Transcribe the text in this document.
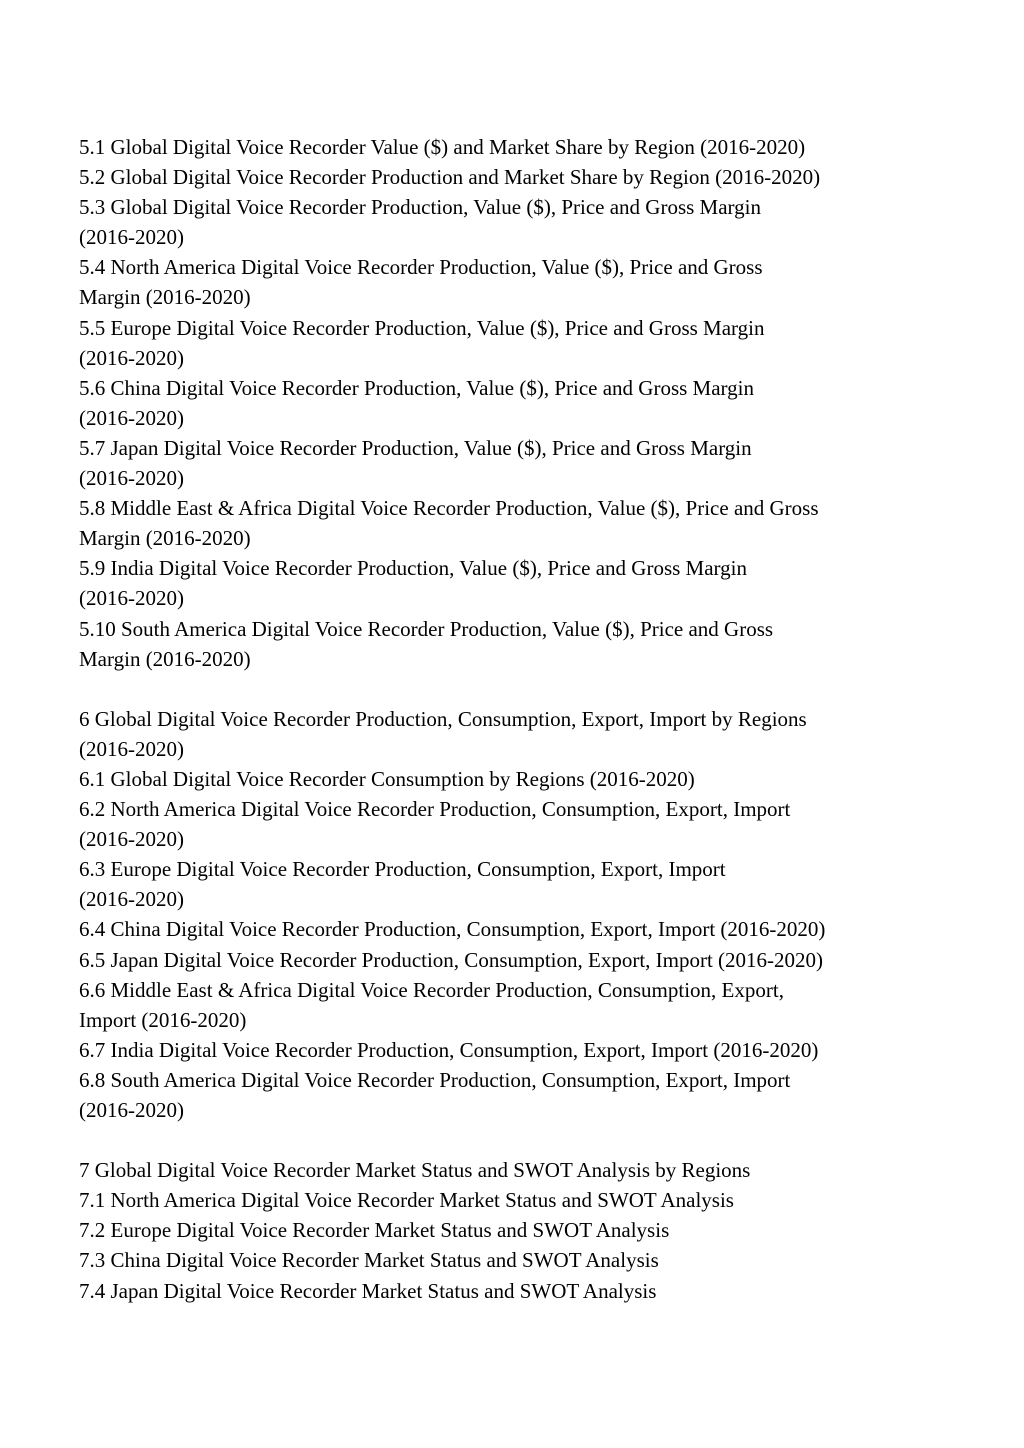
5.1 Global Digital Voice Recorder Value ($) and Market Share by Region (2016-2020)
5.2 Global Digital Voice Recorder Production and Market Share by Region (2016-2020)
5.3 Global Digital Voice Recorder Production, Value ($), Price and Gross Margin
(2016-2020)
5.4 North America Digital Voice Recorder Production, Value ($), Price and Gross
Margin (2016-2020)
5.5 Europe Digital Voice Recorder Production, Value ($), Price and Gross Margin
(2016-2020)
5.6 China Digital Voice Recorder Production, Value ($), Price and Gross Margin
(2016-2020)
5.7 Japan Digital Voice Recorder Production, Value ($), Price and Gross Margin
(2016-2020)
5.8 Middle East & Africa Digital Voice Recorder Production, Value ($), Price and Gross
Margin (2016-2020)
5.9 India Digital Voice Recorder Production, Value ($), Price and Gross Margin
(2016-2020)
5.10 South America Digital Voice Recorder Production, Value ($), Price and Gross
Margin (2016-2020)
6 Global Digital Voice Recorder Production, Consumption, Export, Import by Regions
(2016-2020)
6.1 Global Digital Voice Recorder Consumption by Regions (2016-2020)
6.2 North America Digital Voice Recorder Production, Consumption, Export, Import
(2016-2020)
6.3 Europe Digital Voice Recorder Production, Consumption, Export, Import
(2016-2020)
6.4 China Digital Voice Recorder Production, Consumption, Export, Import (2016-2020)
6.5 Japan Digital Voice Recorder Production, Consumption, Export, Import (2016-2020)
6.6 Middle East & Africa Digital Voice Recorder Production, Consumption, Export,
Import (2016-2020)
6.7 India Digital Voice Recorder Production, Consumption, Export, Import (2016-2020)
6.8 South America Digital Voice Recorder Production, Consumption, Export, Import
(2016-2020)
7 Global Digital Voice Recorder Market Status and SWOT Analysis by Regions
7.1 North America Digital Voice Recorder Market Status and SWOT Analysis
7.2 Europe Digital Voice Recorder Market Status and SWOT Analysis
7.3 China Digital Voice Recorder Market Status and SWOT Analysis
7.4 Japan Digital Voice Recorder Market Status and SWOT Analysis
